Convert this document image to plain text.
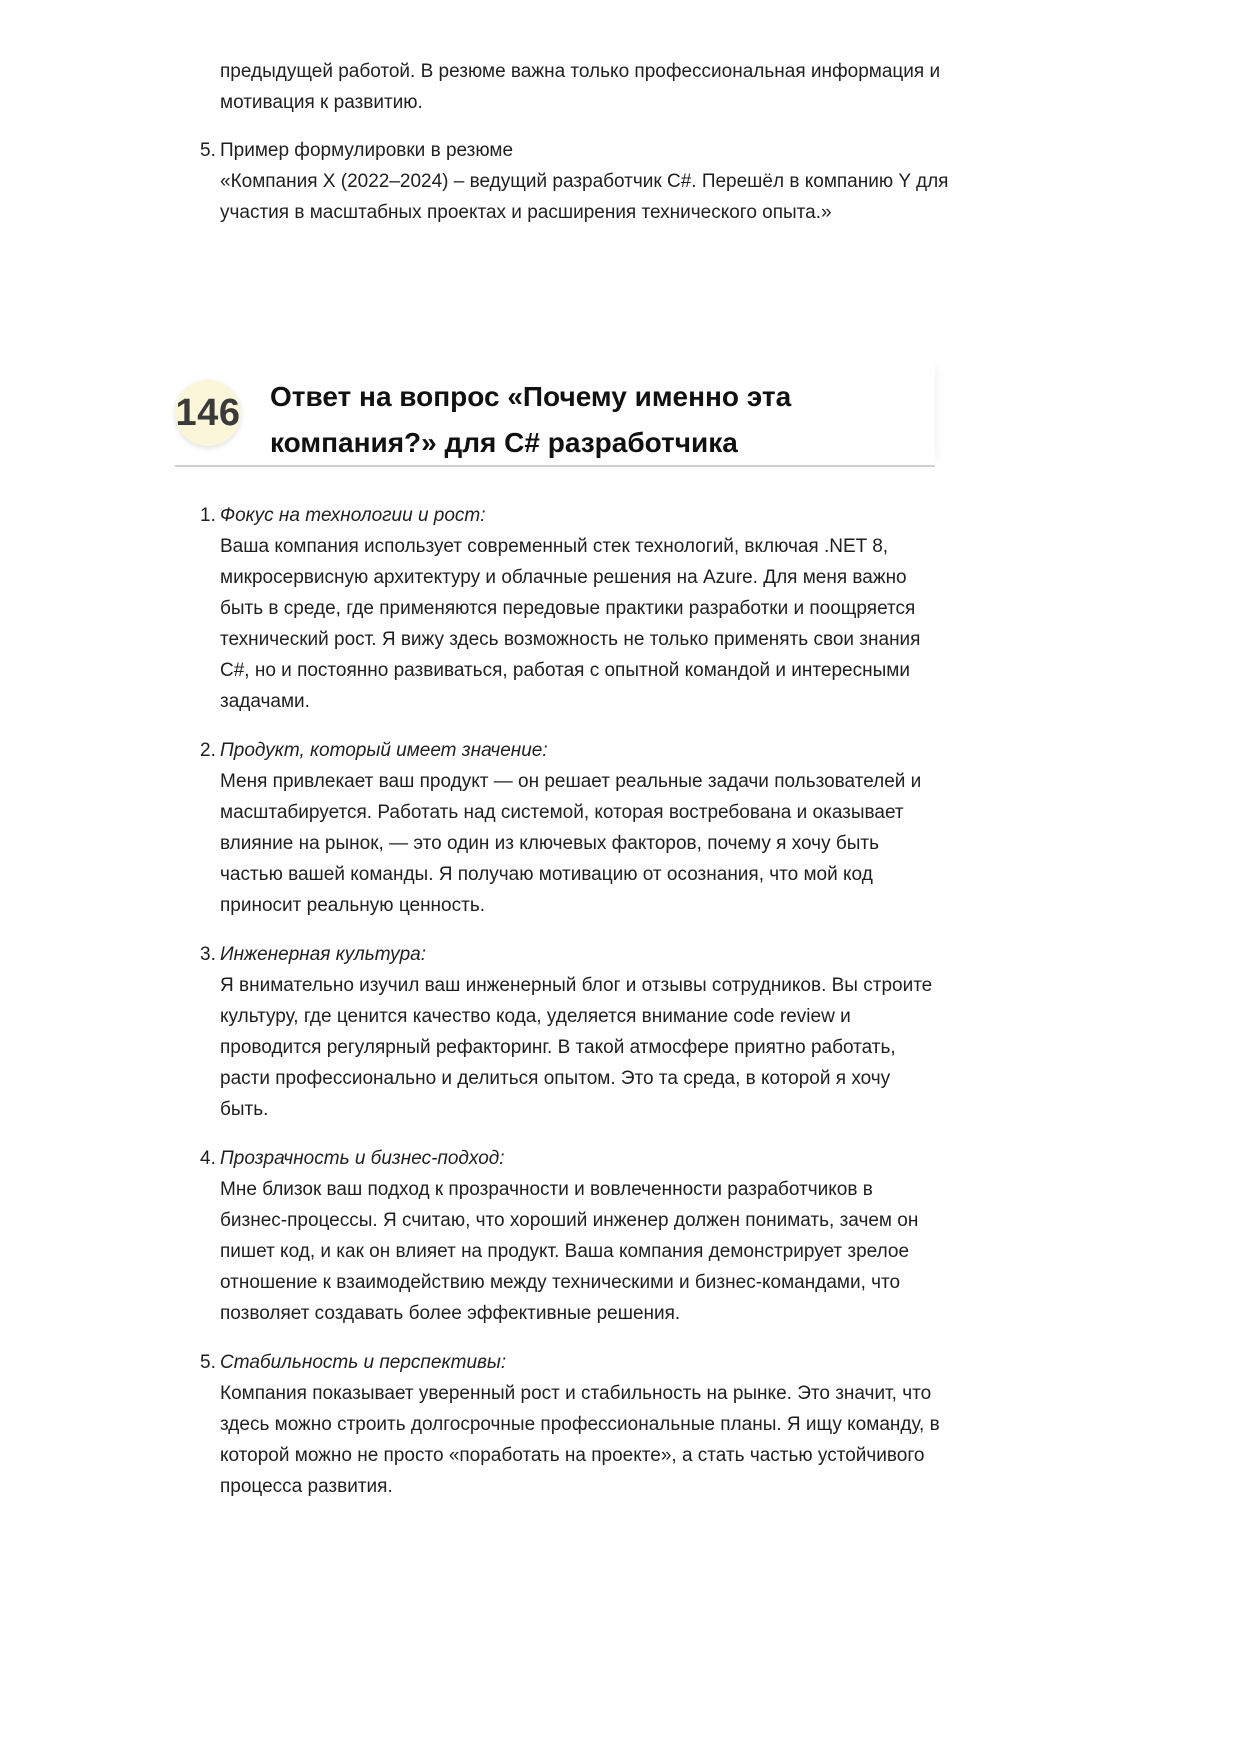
предыдущей работой. В резюме важна только профессиональная информация и мотивация к развитию.

5. Пример формулировки в резюме

«Компания X (2022–2024) – ведущий разработчик C#. Перешёл в компанию Y для участия в масштабных проектах и расширения технического опыта.»

146 Ответ на вопрос «Почему именно эта компания?» для C# разработчика
1. Фокус на технологии и рост:

Ваша компания использует современный стек технологий, включая .NET 8, микросервисную архитектуру и облачные решения на Azure. Для меня важно быть в среде, где применяются передовые практики разработки и поощряется технический рост. Я вижу здесь возможность не только применять свои знания C#, но и постоянно развиваться, работая с опытной командой и интересными задачами.

2. Продукт, который имеет значение:

Меня привлекает ваш продукт — он решает реальные задачи пользователей и масштабируется. Работать над системой, которая востребована и оказывает влияние на рынок, — это один из ключевых факторов, почему я хочу быть частью вашей команды. Я получаю мотивацию от осознания, что мой код приносит реальную ценность.

3. Инженерная культура:

Я внимательно изучил ваш инженерный блог и отзывы сотрудников. Вы строите культуру, где ценится качество кода, уделяется внимание code review и проводится регулярный рефакторинг. В такой атмосфере приятно работать, расти профессионально и делиться опытом. Это та среда, в которой я хочу быть.

4. Прозрачность и бизнес-подход:

Мне близок ваш подход к прозрачности и вовлеченности разработчиков в бизнес-процессы. Я считаю, что хороший инженер должен понимать, зачем он пишет код, и как он влияет на продукт. Ваша компания демонстрирует зрелое отношение к взаимодействию между техническими и бизнес-командами, что позволяет создавать более эффективные решения.

5. Стабильность и перспективы:

Компания показывает уверенный рост и стабильность на рынке. Это значит, что здесь можно строить долгосрочные профессиональные планы. Я ищу команду, в которой можно не просто «поработать на проекте», а стать частью устойчивого процесса развития.
